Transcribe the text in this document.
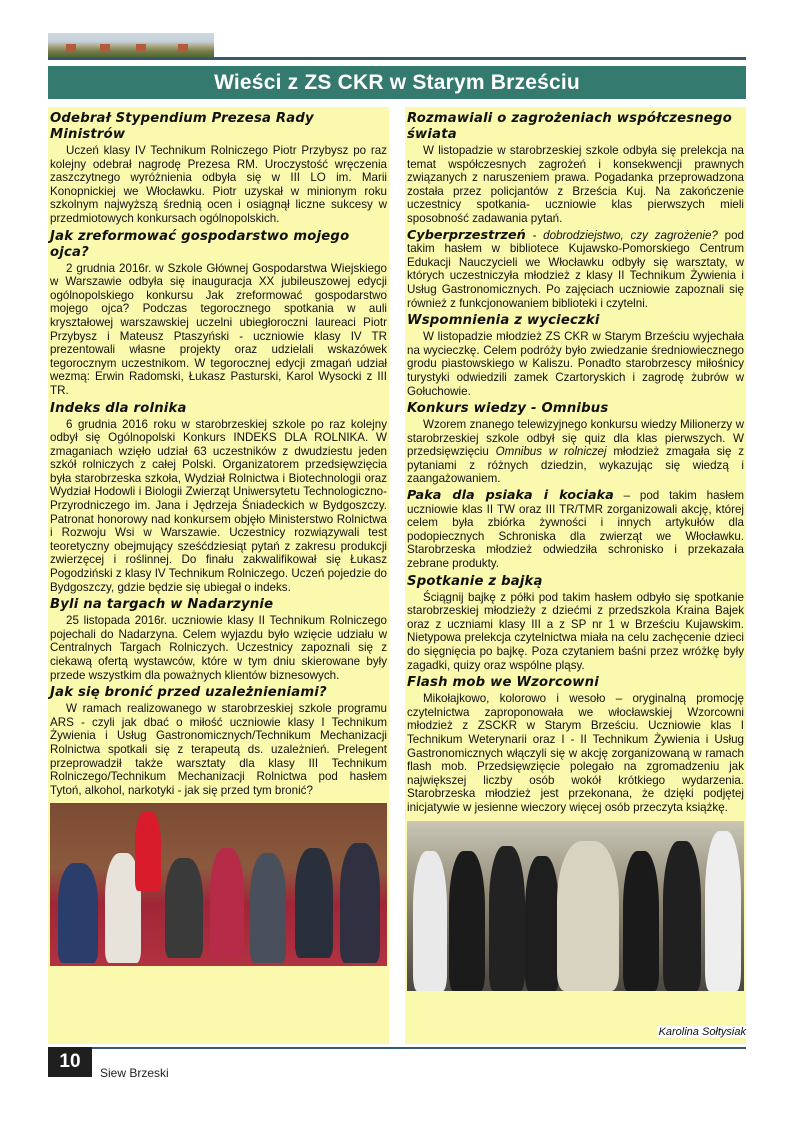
Wieści z ZS CKR w Starym Brześciu
Odebrał Stypendium Prezesa Rady Ministrów

Uczeń klasy IV Technikum Rolniczego Piotr Przybysz po raz kolejny odebrał nagrodę Prezesa RM. Uroczystość wręczenia zaszczytnego wyróżnienia odbyła się w III LO im. Marii Konopnickiej we Włocławku. Piotr uzyskał w minionym roku szkolnym najwyższą średnią ocen i osiągnął liczne sukcesy w przedmiotowych konkursach ogólnopolskich.

Jak zreformować gospodarstwo mojego ojca?

2 grudnia 2016r. w Szkole Głównej Gospodarstwa Wiejskiego w Warszawie odbyła się inauguracja XX jubileuszowej edycji ogólnopolskiego konkursu Jak zreformować gospodarstwo mojego ojca? Podczas tegorocznego spotkania w auli kryształowej warszawskiej uczelni ubiegłoroczni laureaci Piotr Przybysz i Mateusz Ptaszyński - uczniowie klasy IV TR prezentowali własne projekty oraz udzielali wskazówek tegorocznym uczestnikom. W tegorocznej edycji zmagań udział wezmą: Erwin Radomski, Łukasz Pasturski, Karol Wysocki z III TR.

Indeks dla rolnika

6 grudnia 2016 roku w starobrzeskiej szkole po raz kolejny odbył się Ogólnopolski Konkurs INDEKS DLA ROLNIKA. W zmaganiach wzięło udział 63 uczestników z dwudziestu jeden szkół rolniczych z całej Polski. Organizatorem przedsięwzięcia była starobrzeska szkoła, Wydział Rolnictwa i Biotechnologii oraz Wydział Hodowli i Biologii Zwierząt Uniwersytetu Technologiczno-Przyrodniczego im. Jana i Jędrzeja Śniadeckich w Bydgoszczy. Patronat honorowy nad konkursem objęło Ministerstwo Rolnictwa i Rozwoju Wsi w Warszawie. Uczestnicy rozwiązywali test teoretyczny obejmujący sześćdziesiąt pytań z zakresu produkcji zwierzęcej i roślinnej. Do finału zakwalifikował się Łukasz Pogodziński z klasy IV Technikum Rolniczego. Uczeń pojedzie do Bydgoszczy, gdzie będzie się ubiegał o indeks.

Byli na targach w Nadarzynie

25 listopada 2016r. uczniowie klasy II Technikum Rolniczego pojechali do Nadarzyna. Celem wyjazdu było wzięcie udziału w Centralnych Targach Rolniczych. Uczestnicy zapoznali się z ciekawą ofertą wystawców, które w tym dniu skierowane były przede wszystkim dla poważnych klientów biznesowych.

Jak się bronić przed uzależnieniami?

W ramach realizowanego w starobrzeskiej szkole programu ARS - czyli jak dbać o miłość uczniowie klasy I Technikum Żywienia i Usług Gastronomicznych/Technikum Mechanizacji Rolnictwa spotkali się z terapeutą ds. uzależnień. Prelegent przeprowadził także warsztaty dla klasy III Technikum Rolniczego/Technikum Mechanizacji Rolnictwa pod hasłem Tytoń, alkohol, narkotyki - jak się przed tym bronić?

Rozmawiali o zagrożeniach współczesnego świata

W listopadzie w starobrzeskiej szkole odbyła się prelekcja na temat współczesnych zagrożeń i konsekwencji prawnych związanych z naruszeniem prawa. Pogadanka przeprowadzona została przez policjantów z Brześcia Kuj. Na zakończenie uczestnicy spotkania- uczniowie klas pierwszych mieli sposobność zadawania pytań.

Cyberprzestrzeń - dobrodziejstwo, czy zagrożenie? pod takim hasłem w bibliotece Kujawsko-Pomorskiego Centrum Edukacji Nauczycieli we Włocławku odbyły się warsztaty, w których uczestniczyła młodzież z klasy II Technikum Żywienia i Usług Gastronomicznych. Po zajęciach uczniowie zapoznali się również z funkcjonowaniem biblioteki i czytelni.

Wspomnienia z wycieczki

W listopadzie młodzież ZS CKR w Starym Brześciu wyjechała na wycieczkę. Celem podróży było zwiedzanie średniowiecznego grodu piastowskiego w Kaliszu. Ponadto starobrzescy miłośnicy turystyki odwiedzili zamek Czartoryskich i zagrodę żubrów w Gołuchowie.

Konkurs wiedzy - Omnibus

Wzorem znanego telewizyjnego konkursu wiedzy Milionerzy w starobrzeskiej szkole odbył się quiz dla klas pierwszych. W przedsięwzięciu Omnibus w rolniczej młodzież zmagała się z pytaniami z różnych dziedzin, wykazując się wiedzą i zaangażowaniem.

Paka dla psiaka i kociaka – pod takim hasłem uczniowie klas II TW oraz III TR/TMR zorganizowali akcję, której celem była zbiórka żywności i innych artykułów dla podopiecznych Schroniska dla zwierząt we Włocławku. Starobrzeska młodzież odwiedziła schronisko i przekazała zebrane produkty.

Spotkanie z bajką

Ściągnij bajkę z półki pod takim hasłem odbyło się spotkanie starobrzeskiej młodzieży z dziećmi z przedszkola Kraina Bajek oraz z uczniami klasy III a z SP nr 1 w Brześciu Kujawskim. Nietypowa prelekcja czytelnictwa miała na celu zachęcenie dzieci do sięgnięcia po bajkę. Poza czytaniem baśni przez wróżkę były zagadki, quizy oraz wspólne pląsy.

Flash mob we Wzorcowni

Mikołajkowo, kolorowo i wesoło – oryginalną promocję czytelnictwa zaproponowała we włocławskiej Wzorcowni młodzież z ZSCKR w Starym Brześciu. Uczniowie klas I Technikum Weterynarii oraz I - II Technikum Żywienia i Usług Gastronomicznych włączyli się w akcję zorganizowaną w ramach flash mob. Przedsięwzięcie polegało na zgromadzeniu jak największej liczby osób wokół krótkiego wydarzenia. Starobrzeska młodzież jest przekonana, że dzięki podjętej inicjatywie w jesienne wieczory więcej osób przeczyta książkę.

Karolina Sołtysiak
10
Siew Brzeski
